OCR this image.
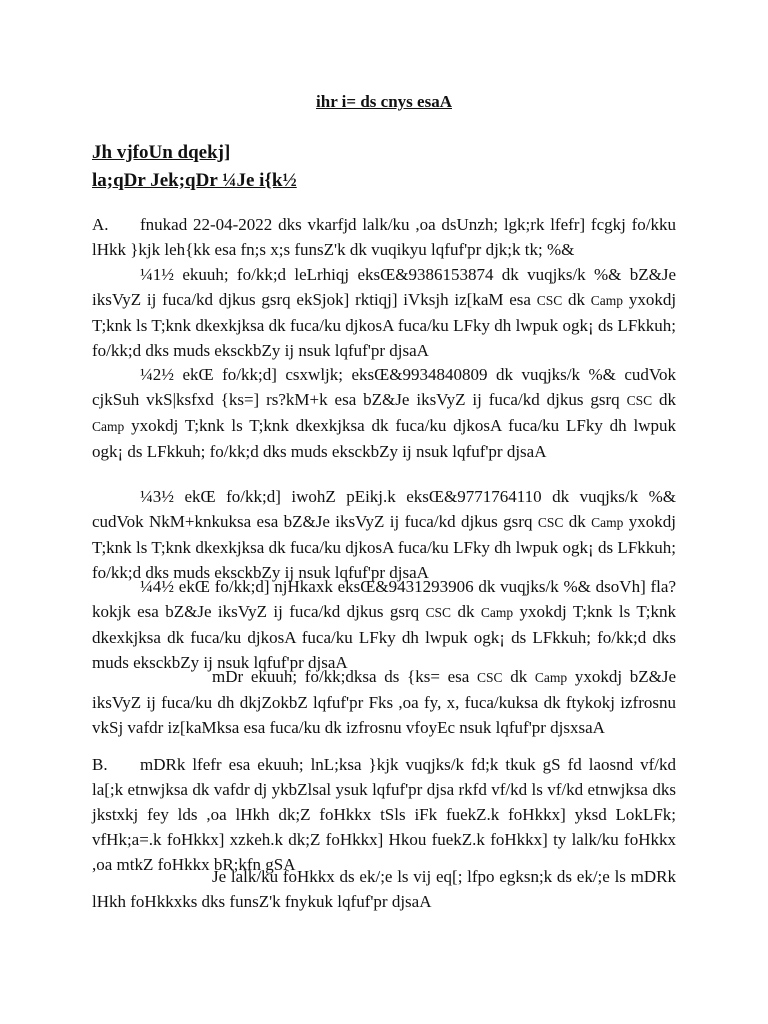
ihr i= ds cnys esaA
Jh vjfoUn dqekj]
la;qDr Jek;qDr ¼Je i{k½

A. fnukad 22-04-2022 dks vkarfjd lalk/ku ,oa dsUnzh; lgk;rk lfefr] fcgkj fo/kku lHkk }kjk leh{kk esa fn;s x;s funsZ'k dk vuqikyu lqfuf'pr djk;k tk; %&

¼1½ ekuuh; fo/kk;d leLrhiqj eksŒ&9386153874 dk vuqjks/k %& bZ&Je iksVyZ ij fuca/kd djkus gsrq ekSjok] rktiqj] iVksjh iz[kaM esa CSC dk Camp yxokdj T;knk ls T;knk dkexkjksa dk fuca/ku djkosA fuca/ku LFky dh lwpuk ogk¡ ds LFkkuh; fo/kk;d dks muds eksckbZy ij nsuk lqfuf'pr djsaA

¼2½ ekŒ fo/kk;d] csxwljk; eksŒ&9934840809 dk vuqjks/k %& cudVok cjkSuh vkS|ksfxd {ks=] rs?kM+k esa bZ&Je iksVyZ ij fuca/kd djkus gsrq CSC dk Camp yxokdj T;knk ls T;knk dkexkjksa dk fuca/ku djkosA fuca/ku LFky dh lwpuk ogk¡ ds LFkkuh; fo/kk;d dks muds eksckbZy ij nsuk lqfuf'pr djsaA

¼3½ ekŒ fo/kk;d] iwohZ pEikj.k eksŒ&9771764110 dk vuqjks/k %& cudVok NkM+knkuksa esa bZ&Je iksVyZ ij fuca/kd djkus gsrq CSC dk Camp yxokdj T;knk ls T;knk dkexkjksa dk fuca/ku djkosA fuca/ku LFky dh lwpuk ogk¡ ds LFkkuh; fo/kk;d dks muds eksckbZy ij nsuk lqfuf'pr djsaA

¼4½ ekŒ fo/kk;d] njHkaxk eksŒ&9431293906 dk vuqjks/k %& dsoVh] fla?kokjk esa bZ&Je iksVyZ ij fuca/kd djkus gsrq CSC dk Camp yxokdj T;knk ls T;knk dkexkjksa dk fuca/ku djkosA fuca/ku LFky dh lwpuk ogk¡ ds LFkkuh; fo/kk;d dks muds eksckbZy ij nsuk lqfuf'pr djsaA

mDr ekuuh; fo/kk;dksa ds {ks= esa CSC dk Camp yxokdj bZ&Je iksVyZ ij fuca/ku dh dkjZokbZ lqfuf'pr Fks ,oa fy, x, fuca/kuksa dk ftykokj izfrosnu vkSj vafdr iz[kaMksa esa fuca/ku dk izfrosnu vfoyEc nsuk lqfuf'pr djsxsaA

B. mDRk lfefr esa ekuuh; lnL;ksa }kjk vuqjks/k fd;k tkuk gS fd laosnd vf/kd la[;k etnwjksa dk vafdr dj ykbZlsal ysuk lqfuf'pr djsa rkfd vf/kd ls vf/kd etnwjksa dks jkstxkj fey lds ,oa lHkh dk;Z foHkkx tSls iFk fuekZ.k foHkkx] yksd LokLFk; vfHk;a=.k foHkkx] xzkeh.k dk;Z foHkkx] Hkou fuekZ.k foHkkx] ty lalk/ku foHkkx ,oa mtkZ foHkkx bR;kfn gSA

Je lalk/ku foHkkx ds ek/;e ls vij eq[; lfpo egksn;k ds ek/;e ls mDRk lHkh foHkkxks dks funsZ'k fnykuk lqfuf'pr djsaA
